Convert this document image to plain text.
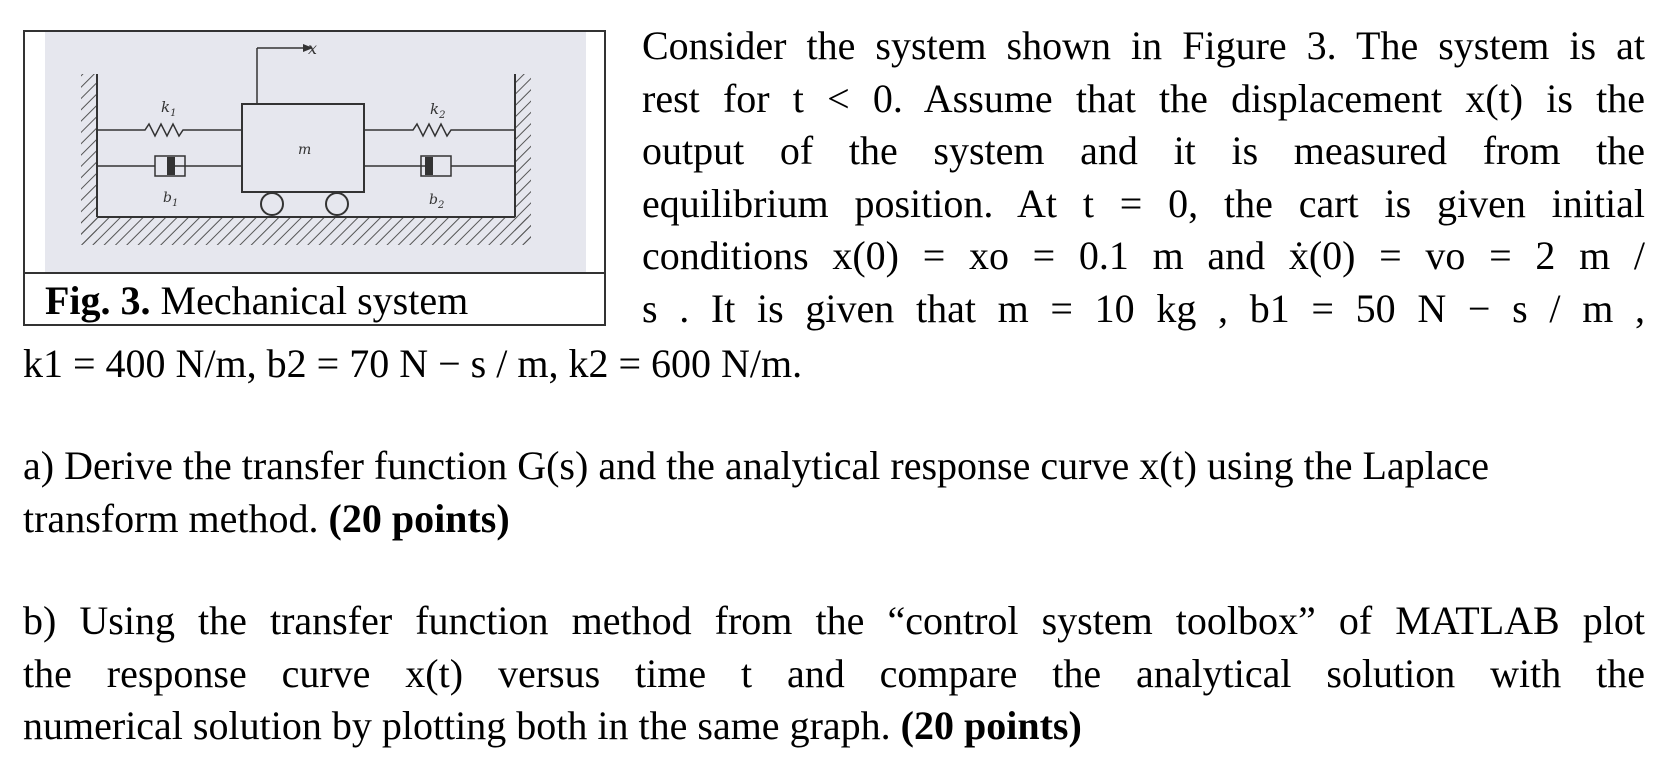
x
$k_1$	$k_2$
m
$b_1$	$b_2$
Fig. 3. Mechanical system
Consider the system shown in Figure 3. The system is at
rest for t < 0. Assume that the displacement x(t) is the
output of the system and it is measured from the
equilibrium position. At t = 0, the cart is given initial
conditions x(0) = xo = 0.1 m and ẋ(0) = vo = 2 m /
s . It is given that m = 10 kg , b1 = 50 N − s / m ,
k1 = 400 N/m, b2 = 70 N − s / m, k2 = 600 N/m.
a) Derive the transfer function G(s) and the analytical response curve x(t) using the Laplace transform method. (20 points)
b) Using the transfer function method from the “control system toolbox” of MATLAB plot
the response curve x(t) versus time t and compare the analytical solution with the
numerical solution by plotting both in the same graph. (20 points)
